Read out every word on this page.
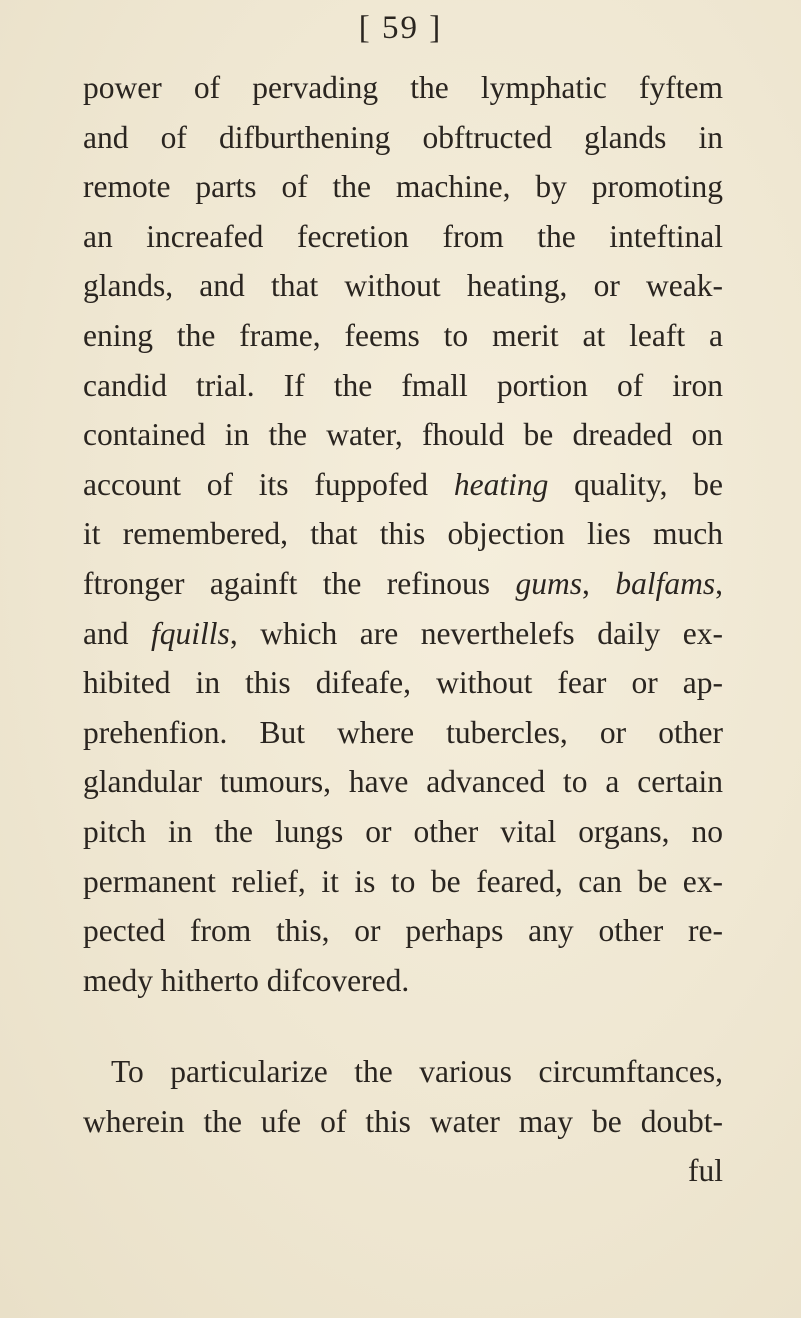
[ 59 ]
power of pervading the lymphatic fyftem
and of difburthening obftructed glands in
remote parts of the machine, by promoting
an increafed fecretion from the inteftinal
glands, and that without heating, or weak-
ening the frame, feems to merit at leaft a
candid trial. If the fmall portion of iron
contained in the water, fhould be dreaded on
account of its fuppofed heating quality, be
it remembered, that this objection lies much
ftronger againft the refinous gums, balfams,
and fquills, which are neverthelefs daily ex-
hibited in this difeafe, without fear or ap-
prehenfion. But where tubercles, or other
glandular tumours, have advanced to a certain
pitch in the lungs or other vital organs, no
permanent relief, it is to be feared, can be ex-
pected from this, or perhaps any other re-
medy hitherto difcovered.
To particularize the various circumftances,
wherein the ufe of this water may be doubt-
ful
